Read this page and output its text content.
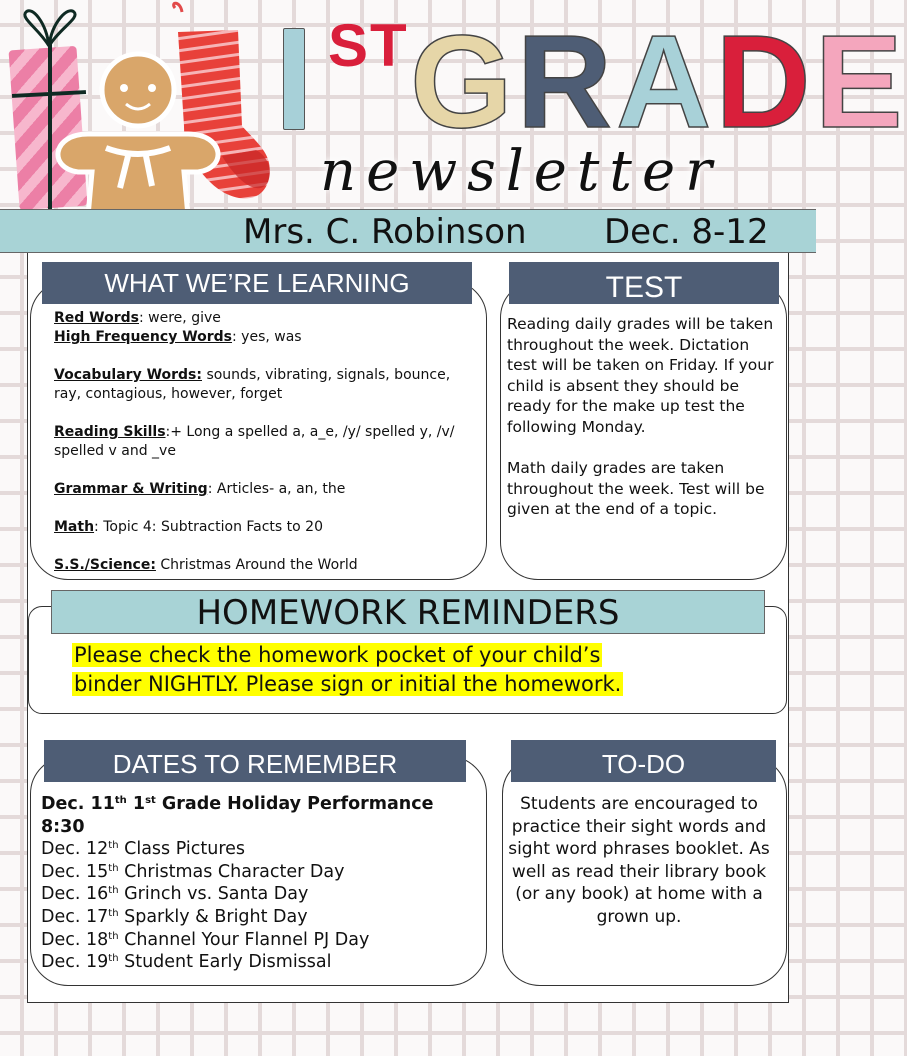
ST GRADE
newsletter
Mrs. C. Robinson Dec. 8-12
WHAT WE’RE LEARNING
Red Words: were, give
High Frequency Words: yes, was
Vocabulary Words: sounds, vibrating, signals, bounce, ray, contagious, however, forget
Reading Skills:+ Long a spelled a, a_e, /y/ spelled y, /v/ spelled v and _ve
Grammar & Writing: Articles- a, an, the
Math: Topic 4: Subtraction Facts to 20
S.S./Science: Christmas Around the World
TEST

Reading daily grades will be taken throughout the week. Dictation test will be taken on Friday. If your child is absent they should be ready for the make up test the following Monday.

Math daily grades are taken throughout the week. Test will be given at the end of a topic.

HOMEWORK REMINDERS
Please check the homework pocket of your child’s
binder NIGHTLY. Please sign or initial the homework.
DATES TO REMEMBER
Dec. 11th 1st Grade Holiday Performance 8:30
Dec. 12th Class Pictures
Dec. 15th Christmas Character Day
Dec. 16th Grinch vs. Santa Day
Dec. 17th Sparkly & Bright Day
Dec. 18th Channel Your Flannel PJ Day
Dec. 19th Student Early Dismissal
TO-DO
Students are encouraged to practice their sight words and sight word phrases booklet. As well as read their library book (or any book) at home with a grown up.
